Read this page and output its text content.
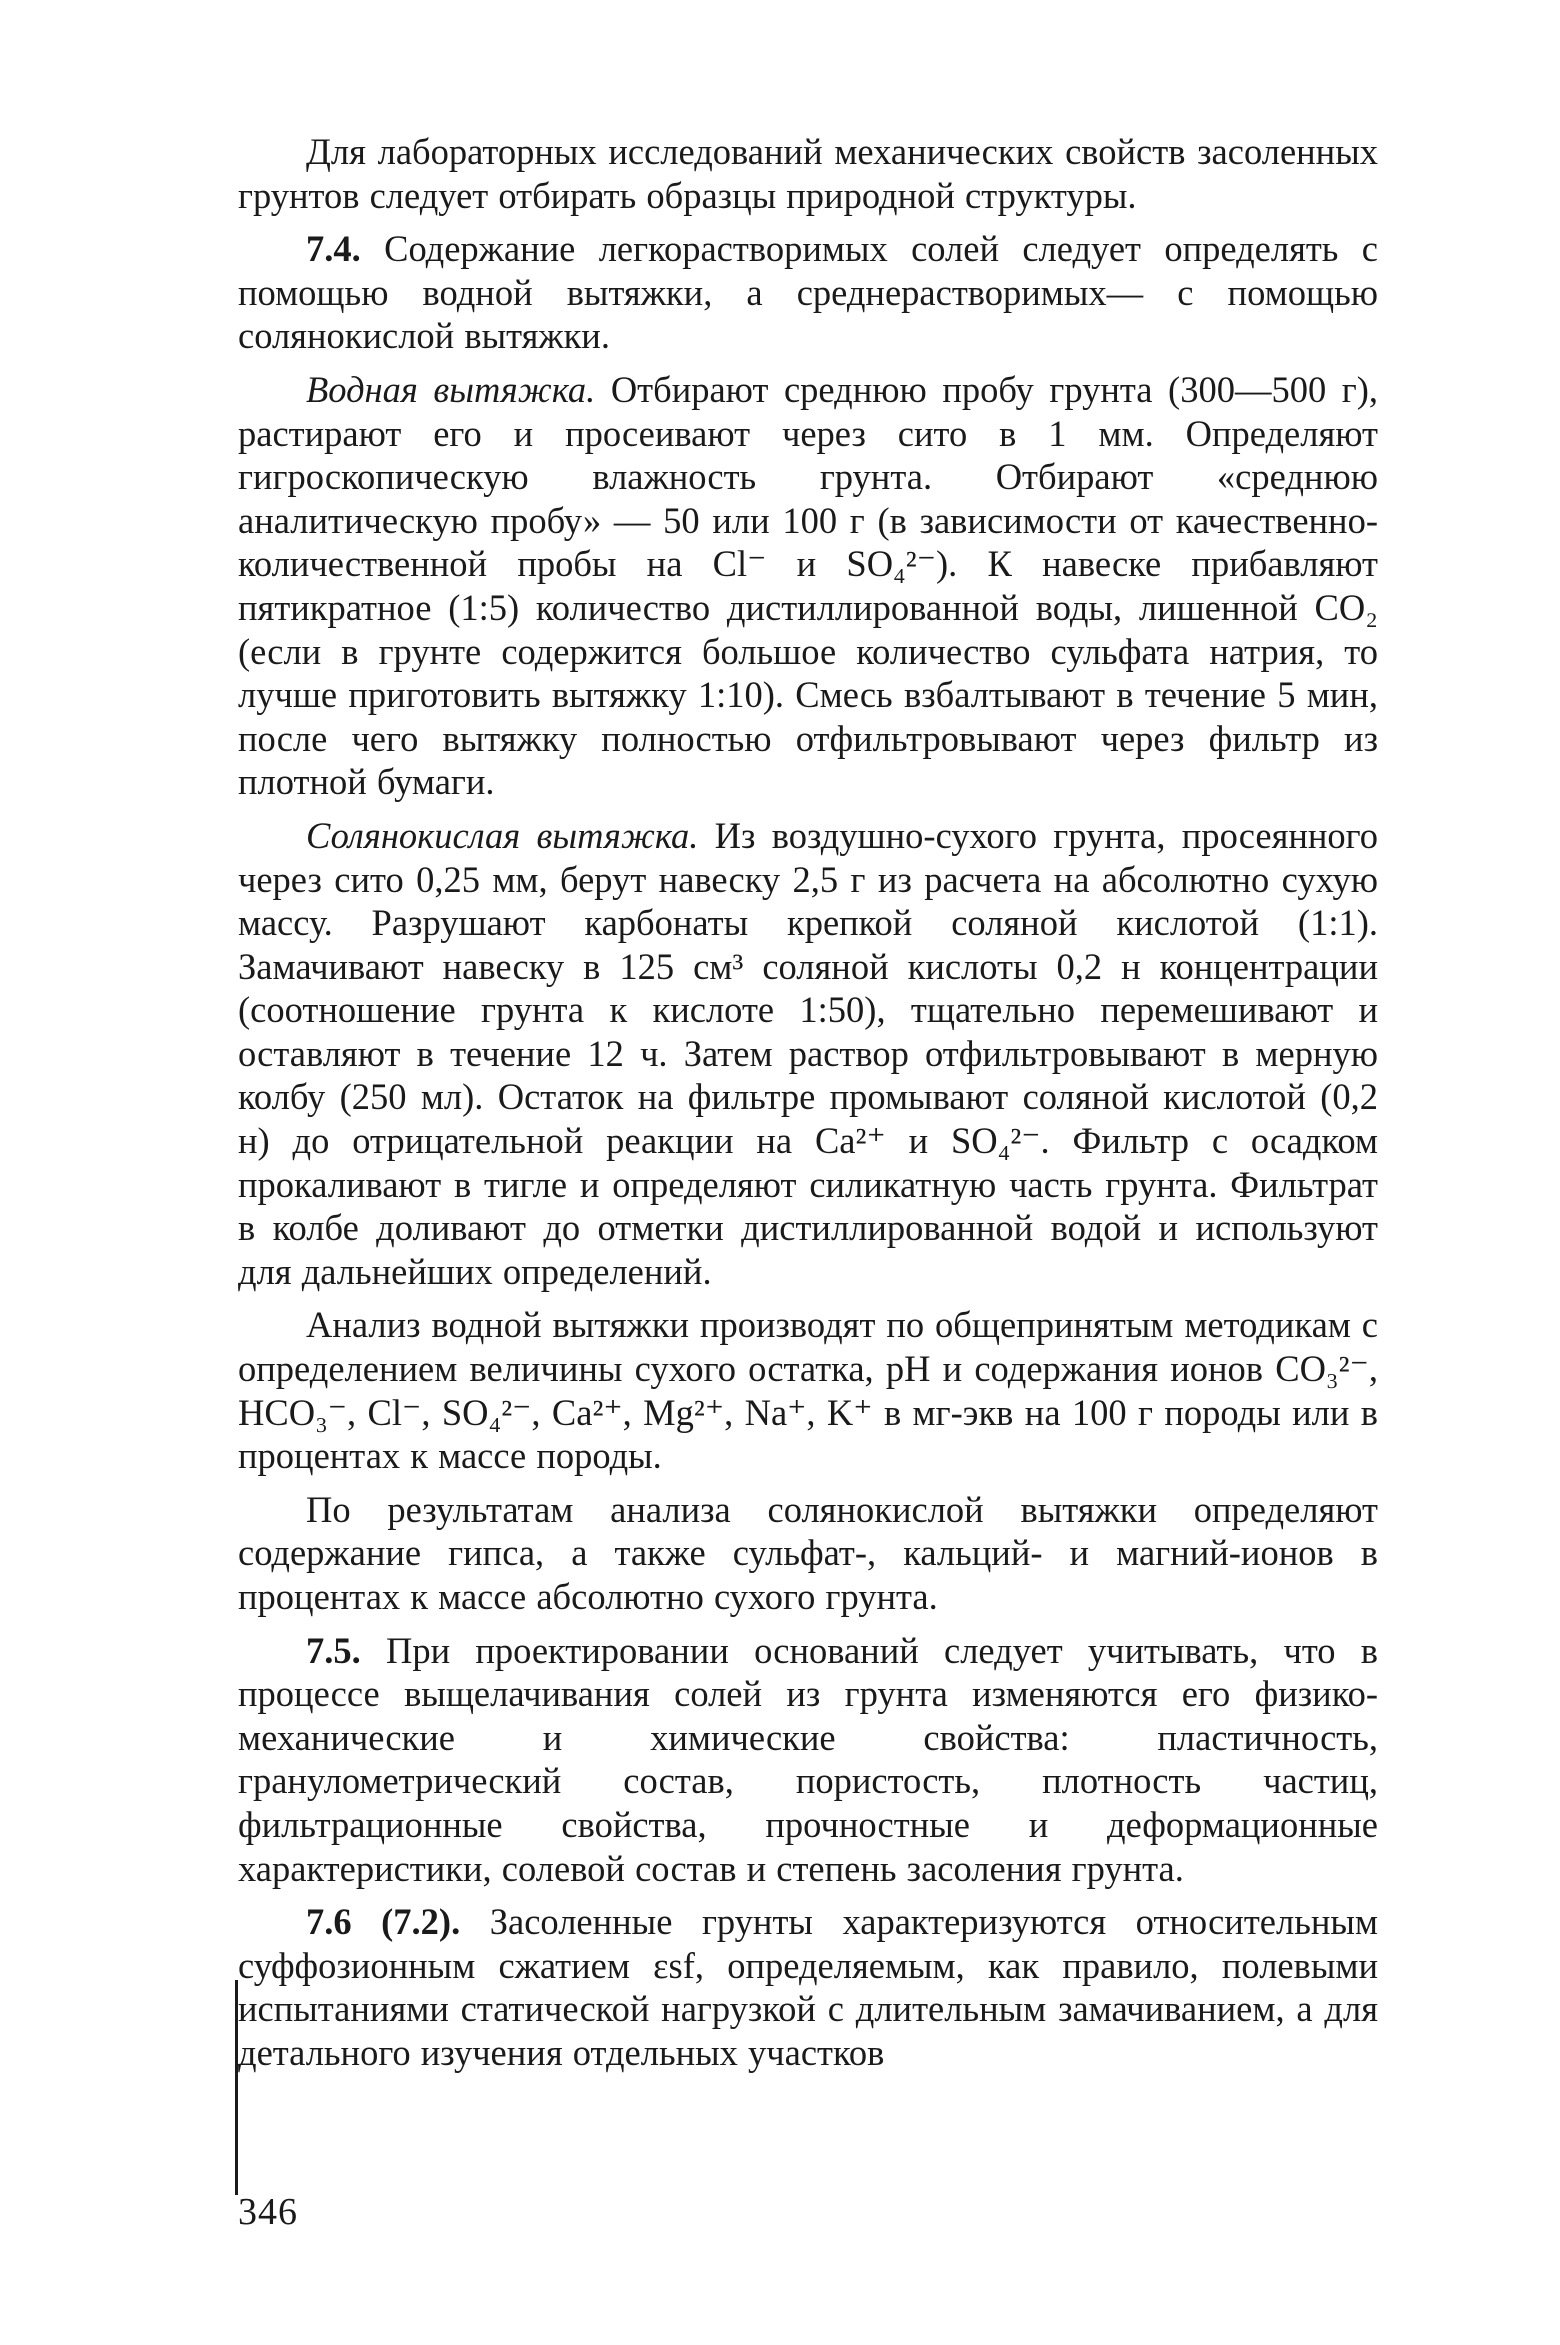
Для лабораторных исследований механических свойств засоленных грунтов следует отбирать образцы природной структуры.

7.4. Содержание легкорастворимых солей следует определять с помощью водной вытяжки, а среднерастворимых— с помощью солянокислой вытяжки.

Водная вытяжка. Отбирают среднюю пробу грунта (300—500 г), растирают его и просеивают через сито в 1 мм. Определяют гигроскопическую влажность грунта. Отбирают «среднюю аналитическую пробу» — 50 или 100 г (в зависимости от качественно-количественной пробы на Cl⁻ и SO₄²⁻). К навеске прибавляют пятикратное (1:5) количество дистиллированной воды, лишенной CO₂ (если в грунте содержится большое количество сульфата натрия, то лучше приготовить вытяжку 1:10). Смесь взбалтывают в течение 5 мин, после чего вытяжку полностью отфильтровывают через фильтр из плотной бумаги.

Солянокислая вытяжка. Из воздушно-сухого грунта, просеянного через сито 0,25 мм, берут навеску 2,5 г из расчета на абсолютно сухую массу. Разрушают карбонаты крепкой соляной кислотой (1:1). Замачивают навеску в 125 см³ соляной кислоты 0,2 н концентрации (соотношение грунта к кислоте 1:50), тщательно перемешивают и оставляют в течение 12 ч. Затем раствор отфильтровывают в мерную колбу (250 мл). Остаток на фильтре промывают соляной кислотой (0,2 н) до отрицательной реакции на Ca²⁺ и SO₄²⁻. Фильтр с осадком прокаливают в тигле и определяют силикатную часть грунта. Фильтрат в колбе доливают до отметки дистиллированной водой и используют для дальнейших определений.

Анализ водной вытяжки производят по общепринятым методикам с определением величины сухого остатка, pH и содержания ионов CO₃²⁻, HCO₃⁻, Cl⁻, SO₄²⁻, Ca²⁺, Mg²⁺, Na⁺, K⁺ в мг-экв на 100 г породы или в процентах к массе породы.

По результатам анализа солянокислой вытяжки определяют содержание гипса, а также сульфат-, кальций- и магний-ионов в процентах к массе абсолютно сухого грунта.

7.5. При проектировании оснований следует учитывать, что в процессе выщелачивания солей из грунта изменяются его физико-механические и химические свойства: пластичность, гранулометрический состав, пористость, плотность частиц, фильтрационные свойства, прочностные и деформационные характеристики, солевой состав и степень засоления грунта.

7.6 (7.2). Засоленные грунты характеризуются относительным суффозионным сжатием εsf, определяемым, как правило, полевыми испытаниями статической нагрузкой с длительным замачиванием, а для детального изучения отдельных участков

346
